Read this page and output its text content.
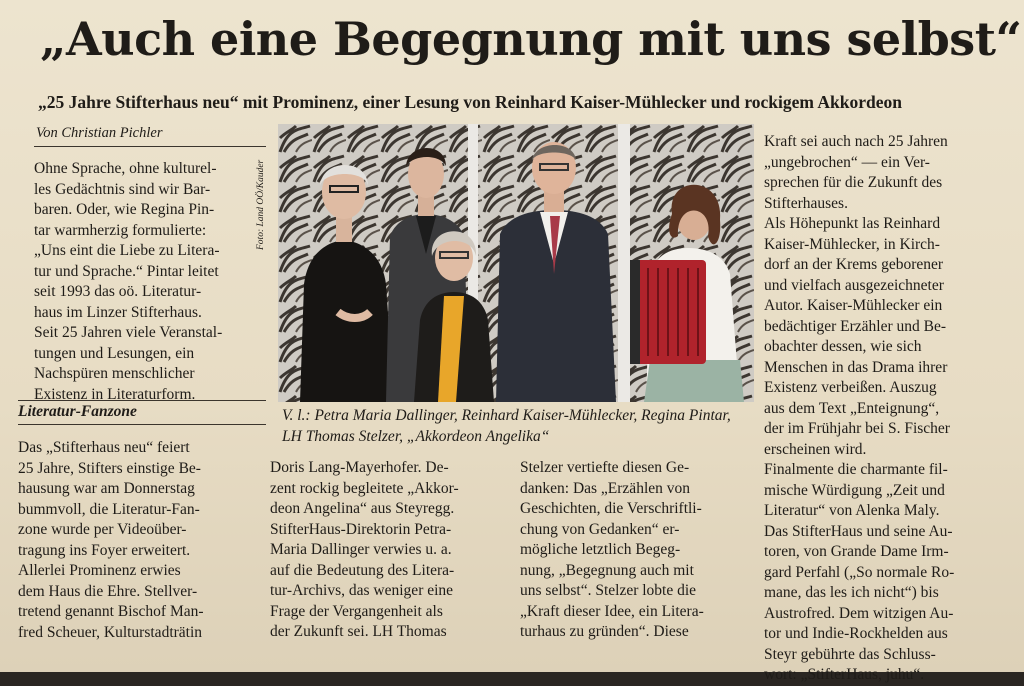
„Auch eine Begegnung mit uns selbst“
„25 Jahre Stifterhaus neu“ mit Prominenz, einer Lesung von Reinhard Kaiser-Mühlecker und rockigem Akkordeon
Von Christian Pichler

Ohne Sprache, ohne kulturel-

les Gedächtnis sind wir Bar-

baren. Oder, wie Regina Pin-

tar warmherzig formulierte:

„Uns eint die Liebe zu Litera-

tur und Sprache.“ Pintar leitet

seit 1993 das oö. Literatur-

haus im Linzer Stifterhaus.

Seit 25 Jahren viele Veranstal-

tungen und Lesungen, ein

Nachspüren menschlicher

Existenz in Literaturform.

Literatur-Fanzone

Das „Stifterhaus neu“ feiert

25 Jahre, Stifters einstige Be-

hausung war am Donnerstag

bummvoll, die Literatur-Fan-

zone wurde per Videoüber-

tragung ins Foyer erweitert.

Allerlei Prominenz erwies

dem Haus die Ehre. Stellver-

tretend genannt Bischof Man-

fred Scheuer, Kulturstadträtin

Doris Lang-Mayerhofer. De-

zent rockig begleitete „Akkor-

deon Angelina“ aus Steyregg.

StifterHaus-Direktorin Petra-

Maria Dallinger verwies u. a.

auf die Bedeutung des Litera-

tur-Archivs, das weniger eine

Frage der Vergangenheit als

der Zukunft sei. LH Thomas

Stelzer vertiefte diesen Ge-

danken: Das „Erzählen von

Geschichten, die Verschriftli-

chung von Gedanken“ er-

mögliche letztlich Begeg-

nung, „Begegnung auch mit

uns selbst“. Stelzer lobte die

„Kraft dieser Idee, ein Litera-

turhaus zu gründen“. Diese

Kraft sei auch nach 25 Jahren

„ungebrochen“ — ein Ver-

sprechen für die Zukunft des

Stifterhauses.

Als Höhepunkt las Reinhard

Kaiser-Mühlecker, in Kirch-

dorf an der Krems geborener

und vielfach ausgezeichneter

Autor. Kaiser-Mühlecker ein

bedächtiger Erzähler und Be-

obachter dessen, wie sich

Menschen in das Drama ihrer

Existenz verbeißen. Auszug

aus dem Text „Enteignung“,

der im Frühjahr bei S. Fischer

erscheinen wird.

Finalmente die charmante fil-

mische Würdigung „Zeit und

Literatur“ von Alenka Maly.

Das StifterHaus und seine Au-

toren, von Grande Dame Irm-

gard Perfahl („So normale Ro-

mane, das les ich nicht“) bis

Austrofred. Dem witzigen Au-

tor und Indie-Rockhelden aus

Steyr gebührte das Schluss-

wort: „StifterHaus, juhu“.

Foto: Land OÖ/Kauder
V. l.: Petra Maria Dallinger, Reinhard Kaiser-Mühlecker, Regina Pintar, LH Thomas Stelzer, „Akkordeon Angelika“
